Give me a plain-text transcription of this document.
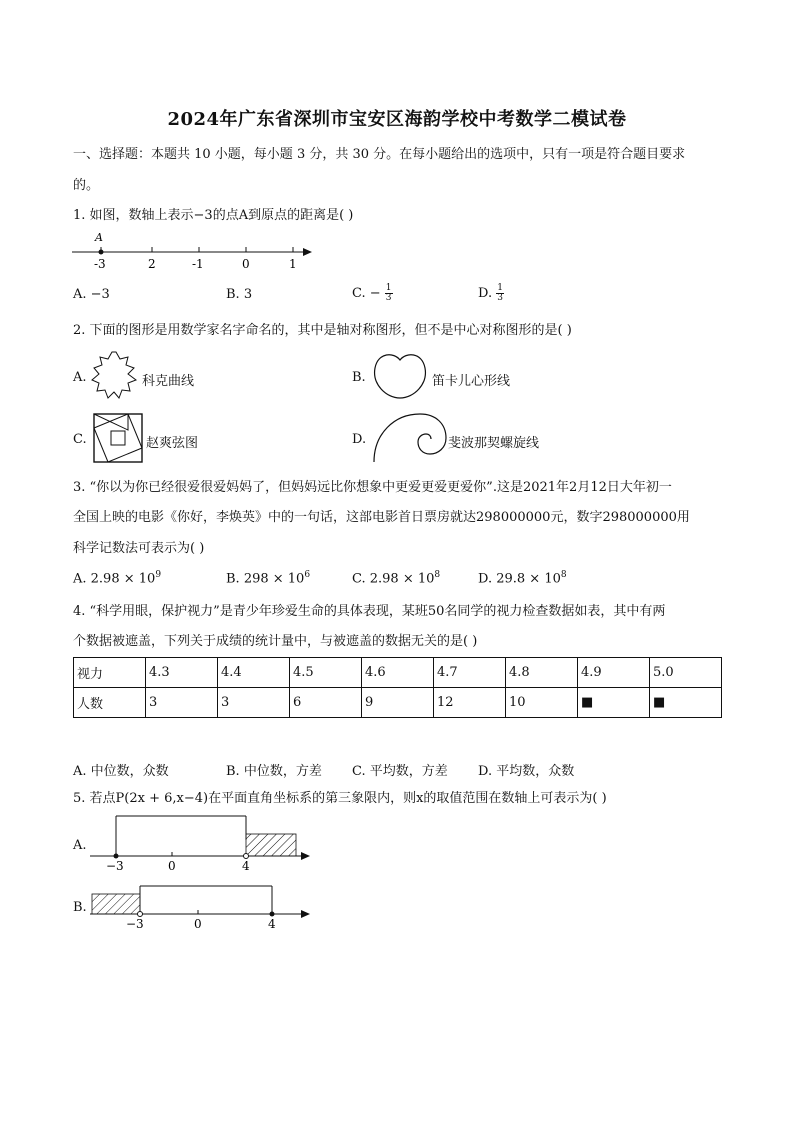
2024年广东省深圳市宝安区海韵学校中考数学二模试卷
一、选择题：本题共 10 小题，每小题 3 分，共 30 分。在每小题给出的选项中，只有一项是符合题目要求
的。
1. 如图，数轴上表示−3的点A到原点的距离是( )
A
-3	2	-1	0	1
A. −3	B. 3	C. − $\frac{1}{3}$	D. $\frac{1}{3}$
2. 下面的图形是用数学家名字命名的，其中是轴对称图形，但不是中心对称图形的是( )
A.	科克曲线	B.	笛卡儿心形线
C.	赵爽弦图	D.	斐波那契螺旋线
3. “你以为你已经很爱很爱妈妈了，但妈妈远比你想象中更爱更爱更爱你”.这是2021年2月12日大年初一
全国上映的电影《你好，李焕英》中的一句话，这部电影首日票房就达298000000元，数字298000000用
科学记数法可表示为( )
A. $2.98 \times 10^9$	B. $298 \times 10^6$	C. $2.98 \times 10^8$	D. $29.8 \times 10^8$
4. “科学用眼，保护视力”是青少年珍爱生命的具体表现，某班50名同学的视力检查数据如表，其中有两
个数据被遮盖，下列关于成绩的统计量中，与被遮盖的数据无关的是( )
视力	4.3	4.4	4.5	4.6	4.7	4.8	4.9	5.0
人数	3	3	6	9	12	10	■	■
A. 中位数，众数	B. 中位数，方差 C. 平均数，方差 D. 平均数，众数
5. 若点P(2x + 6,x−4)在平面直角坐标系的第三象限内，则x的取值范围在数轴上可表示为( )
A.
−3	0	4
B.
−3	0	4
